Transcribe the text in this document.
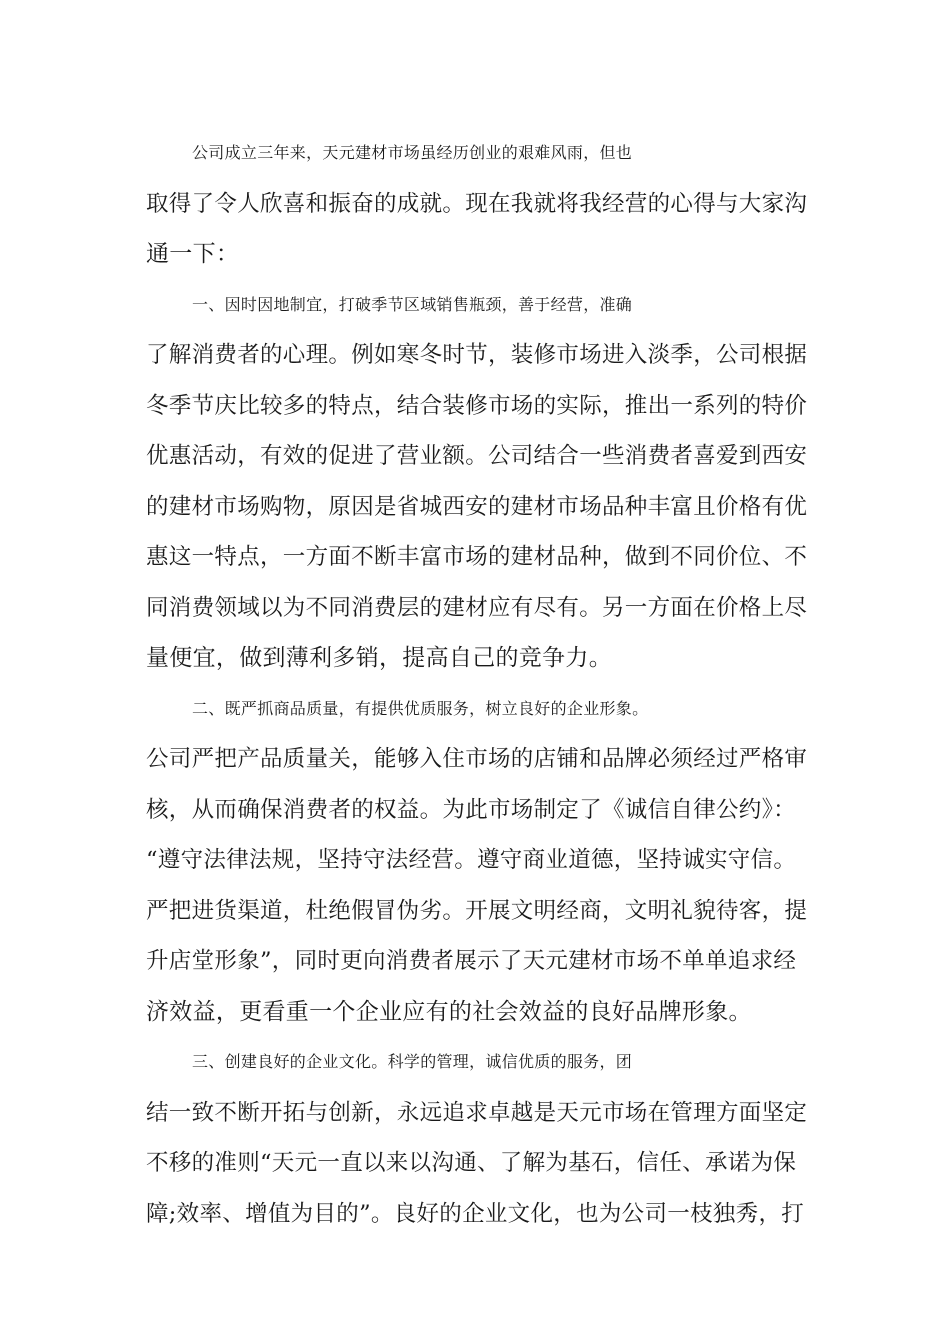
公司成立三年来，天元建材市场虽经历创业的艰难风雨，但也
取得了令人欣喜和振奋的成就。现在我就将我经营的心得与大家沟
通一下：
一、因时因地制宜，打破季节区域销售瓶颈，善于经营，准确
了解消费者的心理。例如寒冬时节，装修市场进入淡季，公司根据
冬季节庆比较多的特点，结合装修市场的实际，推出一系列的特价
优惠活动，有效的促进了营业额。公司结合一些消费者喜爱到西安
的建材市场购物，原因是省城西安的建材市场品种丰富且价格有优
惠这一特点，一方面不断丰富市场的建材品种，做到不同价位、不
同消费领域以为不同消费层的建材应有尽有。另一方面在价格上尽
量便宜，做到薄利多销，提高自己的竞争力。
二、既严抓商品质量，有提供优质服务，树立良好的企业形象。
公司严把产品质量关，能够入住市场的店铺和品牌必须经过严格审
核，从而确保消费者的权益。为此市场制定了《诚信自律公约》：
“遵守法律法规，坚持守法经营。遵守商业道德，坚持诚实守信。
严把进货渠道，杜绝假冒伪劣。开展文明经商，文明礼貌待客，提
升店堂形象”，同时更向消费者展示了天元建材市场不单单追求经
济效益，更看重一个企业应有的社会效益的良好品牌形象。
三、创建良好的企业文化。科学的管理，诚信优质的服务，团
结一致不断开拓与创新，永远追求卓越是天元市场在管理方面坚定
不移的准则“天元一直以来以沟通、了解为基石，信任、承诺为保
障;效率、增值为目的”。良好的企业文化，也为公司一枝独秀，打
